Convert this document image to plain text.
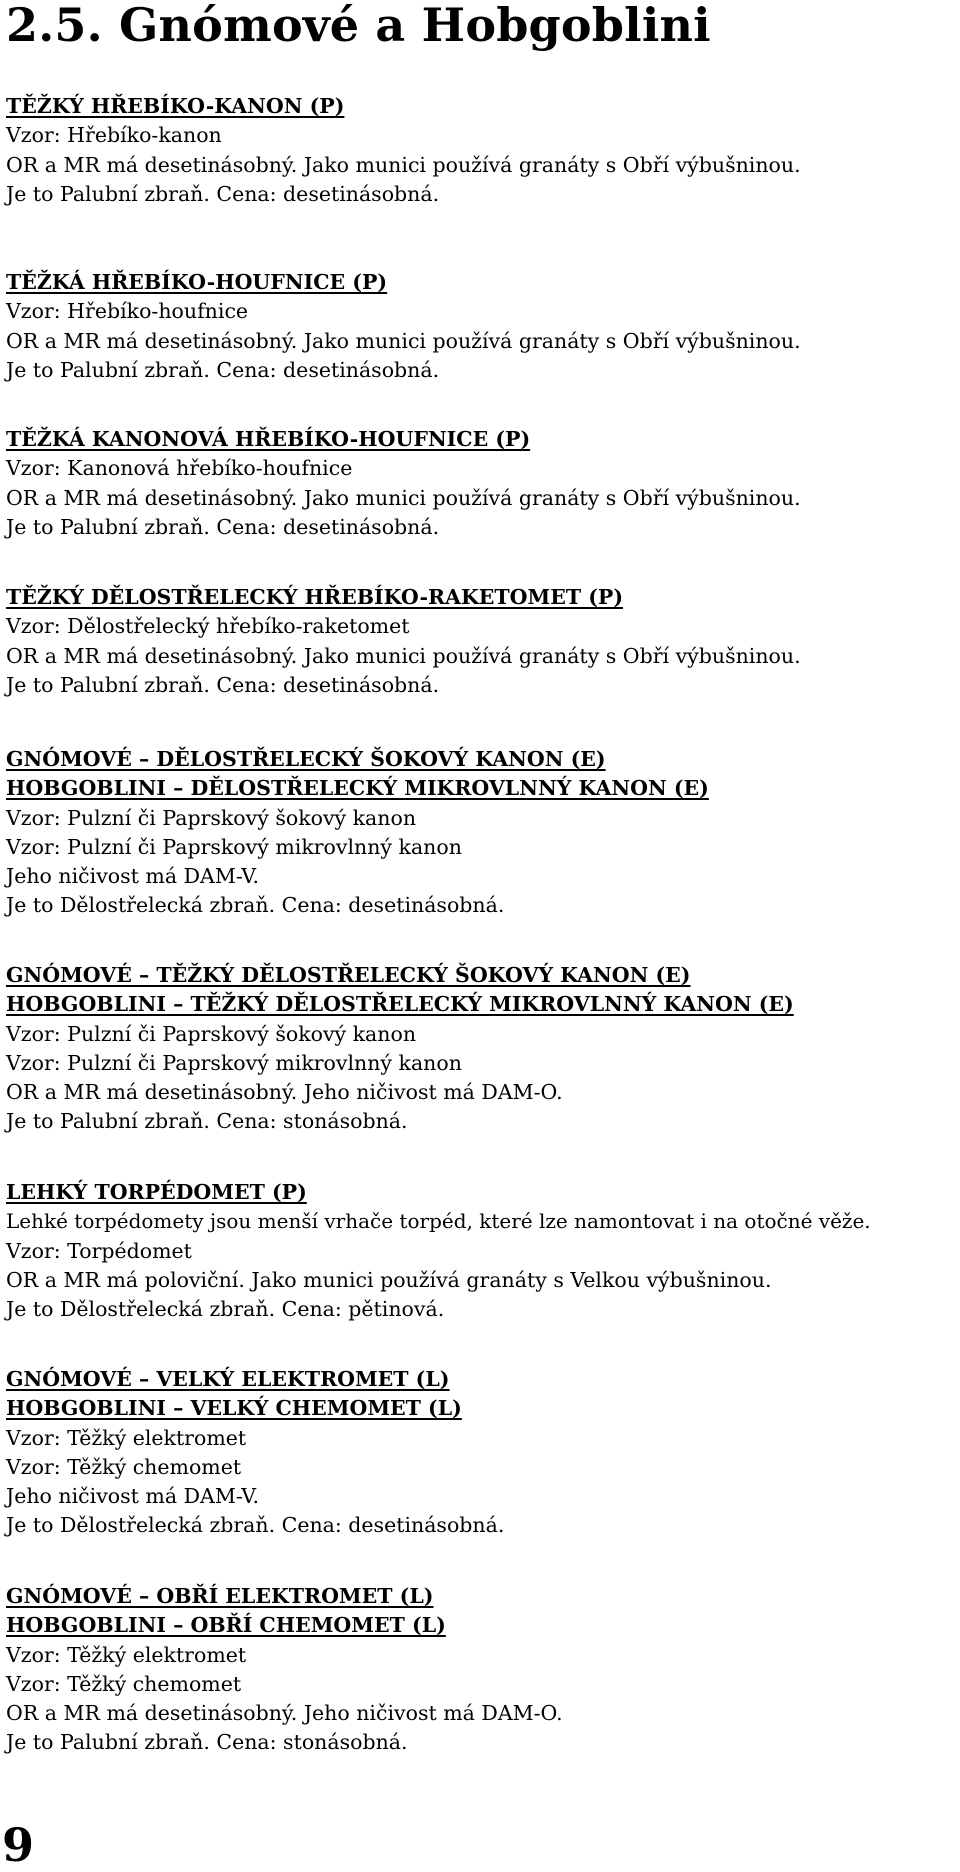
2.5. Gnómové a Hobgoblini
TĚŽKÝ HŘEBÍKO-KANON (P)
Vzor: Hřebíko-kanon
OR a MR má desetinásobný. Jako munici používá granáty s Obří výbušninou.
Je to Palubní zbraň. Cena: desetinásobná.
TĚŽKÁ HŘEBÍKO-HOUFNICE (P)
Vzor: Hřebíko-houfnice
OR a MR má desetinásobný. Jako munici používá granáty s Obří výbušninou.
Je to Palubní zbraň. Cena: desetinásobná.
TĚŽKÁ KANONOVÁ HŘEBÍKO-HOUFNICE (P)
Vzor: Kanonová hřebíko-houfnice
OR a MR má desetinásobný. Jako munici používá granáty s Obří výbušninou.
Je to Palubní zbraň. Cena: desetinásobná.
TĚŽKÝ DĚLOSTŘELECKÝ HŘEBÍKO-RAKETOMET (P)
Vzor: Dělostřelecký hřebíko-raketomet
OR a MR má desetinásobný. Jako munici používá granáty s Obří výbušninou.
Je to Palubní zbraň. Cena: desetinásobná.
GNÓMOVÉ – DĚLOSTŘELECKÝ ŠOKOVÝ KANON (E)
HOBGOBLINI – DĚLOSTŘELECKÝ MIKROVLNNÝ KANON (E)
Vzor: Pulzní či Paprskový šokový kanon
Vzor: Pulzní či Paprskový mikrovlnný kanon
Jeho ničivost má DAM-V.
Je to Dělostřelecká zbraň. Cena: desetinásobná.
GNÓMOVÉ – TĚŽKÝ DĚLOSTŘELECKÝ ŠOKOVÝ KANON (E)
HOBGOBLINI – TĚŽKÝ DĚLOSTŘELECKÝ MIKROVLNNÝ KANON (E)
Vzor: Pulzní či Paprskový šokový kanon
Vzor: Pulzní či Paprskový mikrovlnný kanon
OR a MR má desetinásobný. Jeho ničivost má DAM-O.
Je to Palubní zbraň. Cena: stonásobná.
LEHKÝ TORPÉDOMET (P)
Lehké torpédomety jsou menší vrhače torpéd, které lze namontovat i na otočné věže.
Vzor: Torpédomet
OR a MR má poloviční. Jako munici používá granáty s Velkou výbušninou.
Je to Dělostřelecká zbraň. Cena: pětinová.
GNÓMOVÉ – VELKÝ ELEKTROMET (L)
HOBGOBLINI – VELKÝ CHEMOMET (L)
Vzor: Těžký elektromet
Vzor: Těžký chemomet
Jeho ničivost má DAM-V.
Je to Dělostřelecká zbraň. Cena: desetinásobná.
GNÓMOVÉ – OBŘÍ ELEKTROMET (L)
HOBGOBLINI – OBŘÍ CHEMOMET (L)
Vzor: Těžký elektromet
Vzor: Těžký chemomet
OR a MR má desetinásobný. Jeho ničivost má DAM-O.
Je to Palubní zbraň. Cena: stonásobná.
9
